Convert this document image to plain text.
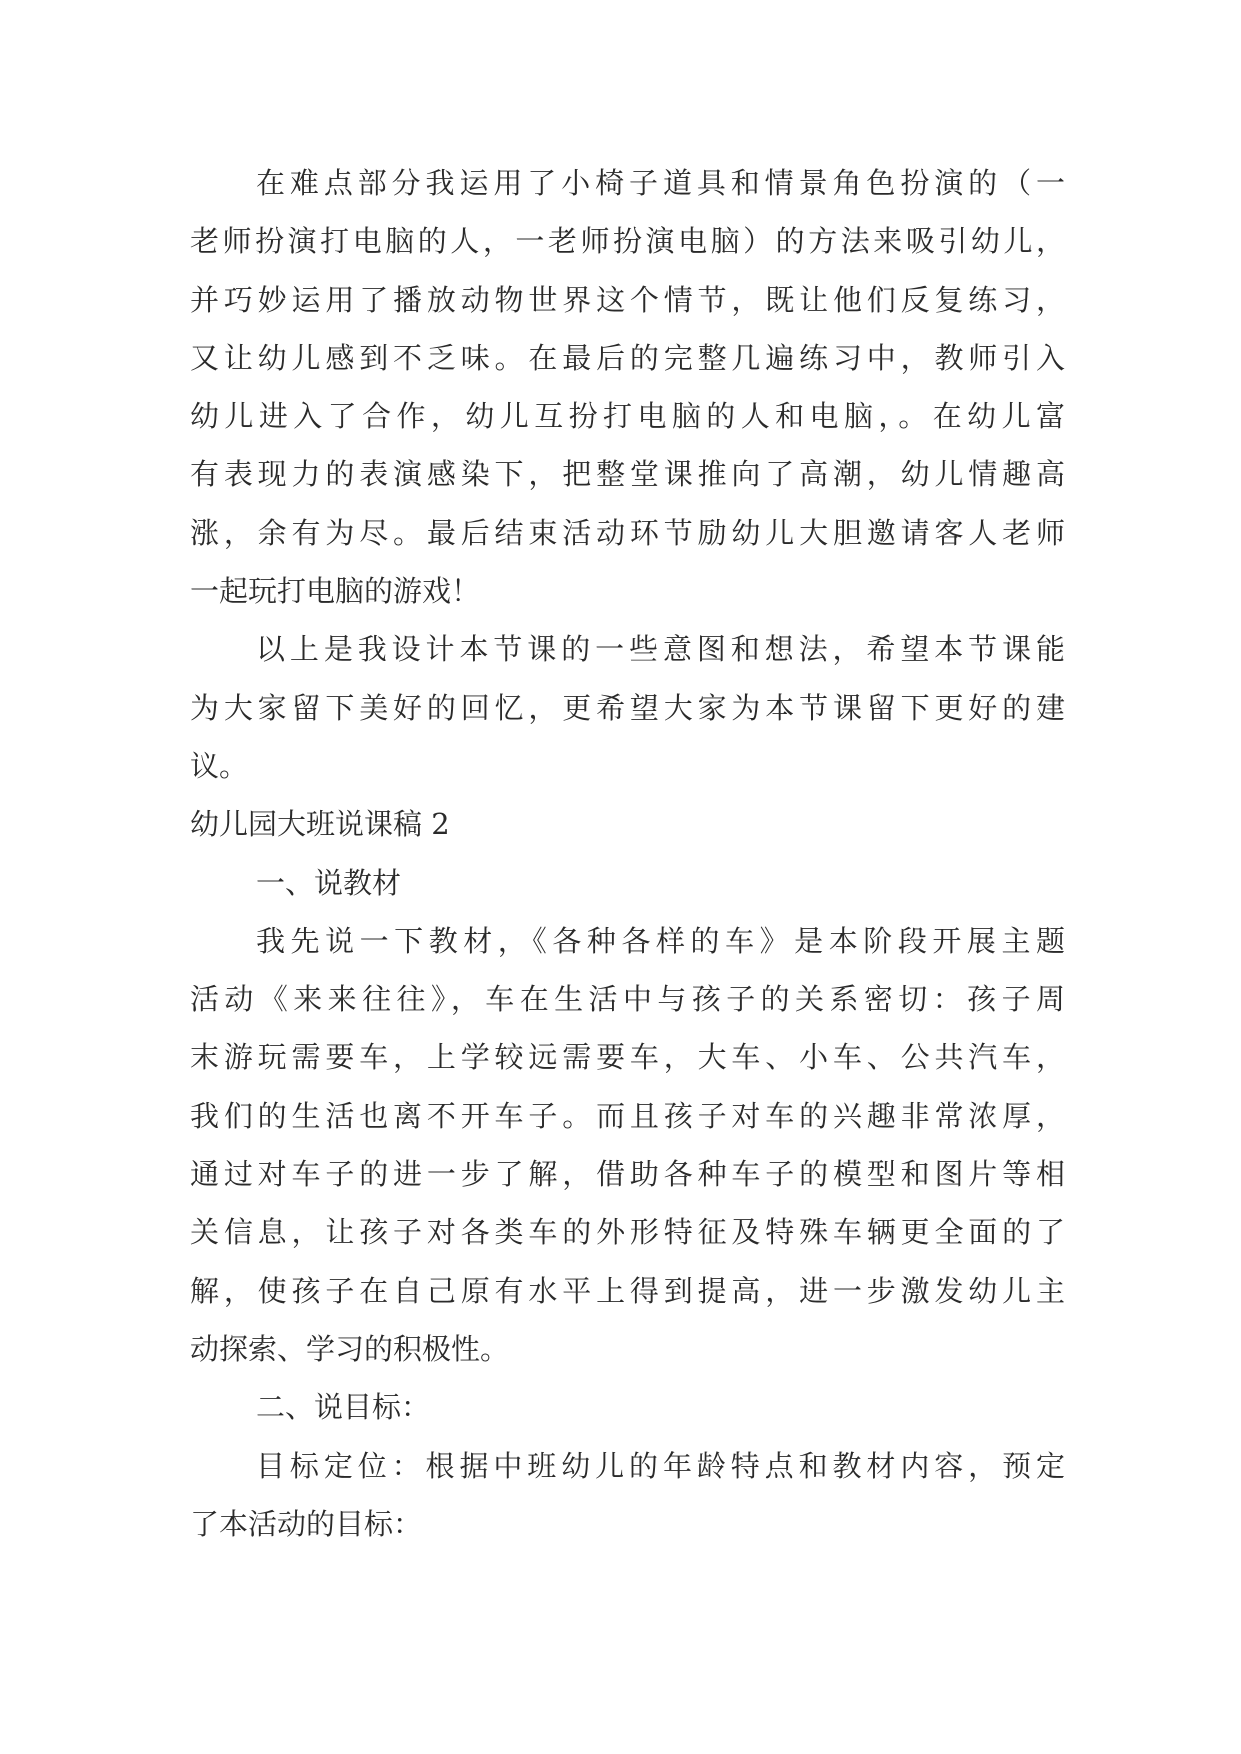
在难点部分我运用了小椅子道具和情景角色扮演的（一
老师扮演打电脑的人，一老师扮演电脑）的方法来吸引幼儿，
并巧妙运用了播放动物世界这个情节，既让他们反复练习，
又让幼儿感到不乏味。在最后的完整几遍练习中，教师引入
幼儿进入了合作，幼儿互扮打电脑的人和电脑，。在幼儿富
有表现力的表演感染下，把整堂课推向了高潮，幼儿情趣高
涨，余有为尽。最后结束活动环节励幼儿大胆邀请客人老师
一起玩打电脑的游戏！
以上是我设计本节课的一些意图和想法，希望本节课能
为大家留下美好的回忆，更希望大家为本节课留下更好的建
议。
幼儿园大班说课稿 2
一、说教材
我先说一下教材，《各种各样的车》是本阶段开展主题
活动《来来往往》，车在生活中与孩子的关系密切：孩子周
末游玩需要车，上学较远需要车，大车、小车、公共汽车，
我们的生活也离不开车子。而且孩子对车的兴趣非常浓厚，
通过对车子的进一步了解，借助各种车子的模型和图片等相
关信息，让孩子对各类车的外形特征及特殊车辆更全面的了
解，使孩子在自己原有水平上得到提高，进一步激发幼儿主
动探索、学习的积极性。
二、说目标：
目标定位：根据中班幼儿的年龄特点和教材内容，预定
了本活动的目标：
